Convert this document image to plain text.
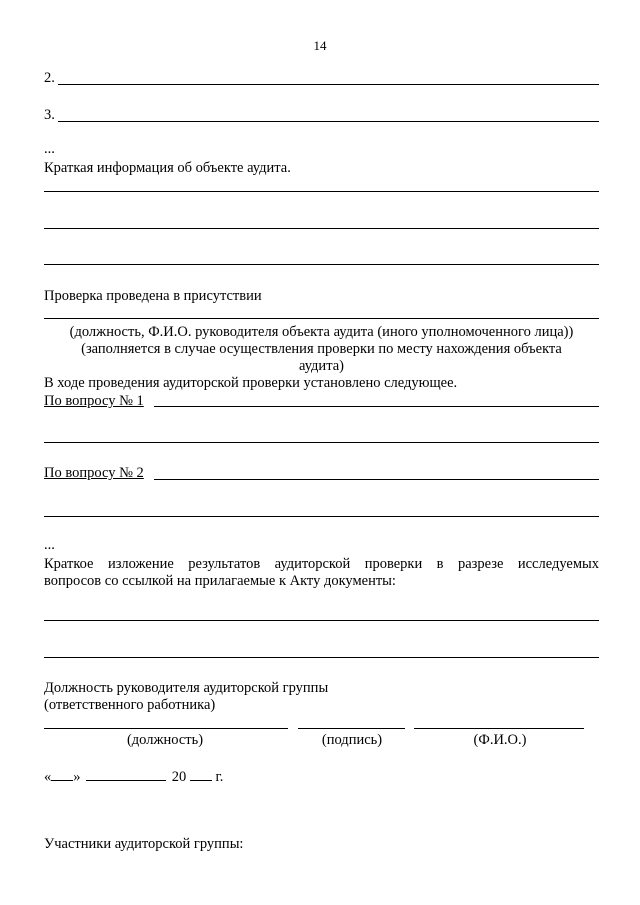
14
2.
3.
...
Краткая информация об объекте аудита.
Проверка проведена в присутствии
(должность, Ф.И.О. руководителя объекта аудита (иного уполномоченного лица))
(заполняется в случае осуществления проверки по месту нахождения объекта
аудита)
В ходе проведения аудиторской проверки установлено следующее.
По вопросу № 1
По вопросу № 2
...
Краткое изложение результатов аудиторской проверки в разрезе исследуемых
вопросов со ссылкой на прилагаемые к Акту документы:
Должность руководителя аудиторской группы
(ответственного работника)
(должность)	(подпись)	(Ф.И.О.)
« »	20 г.
Участники аудиторской группы:
